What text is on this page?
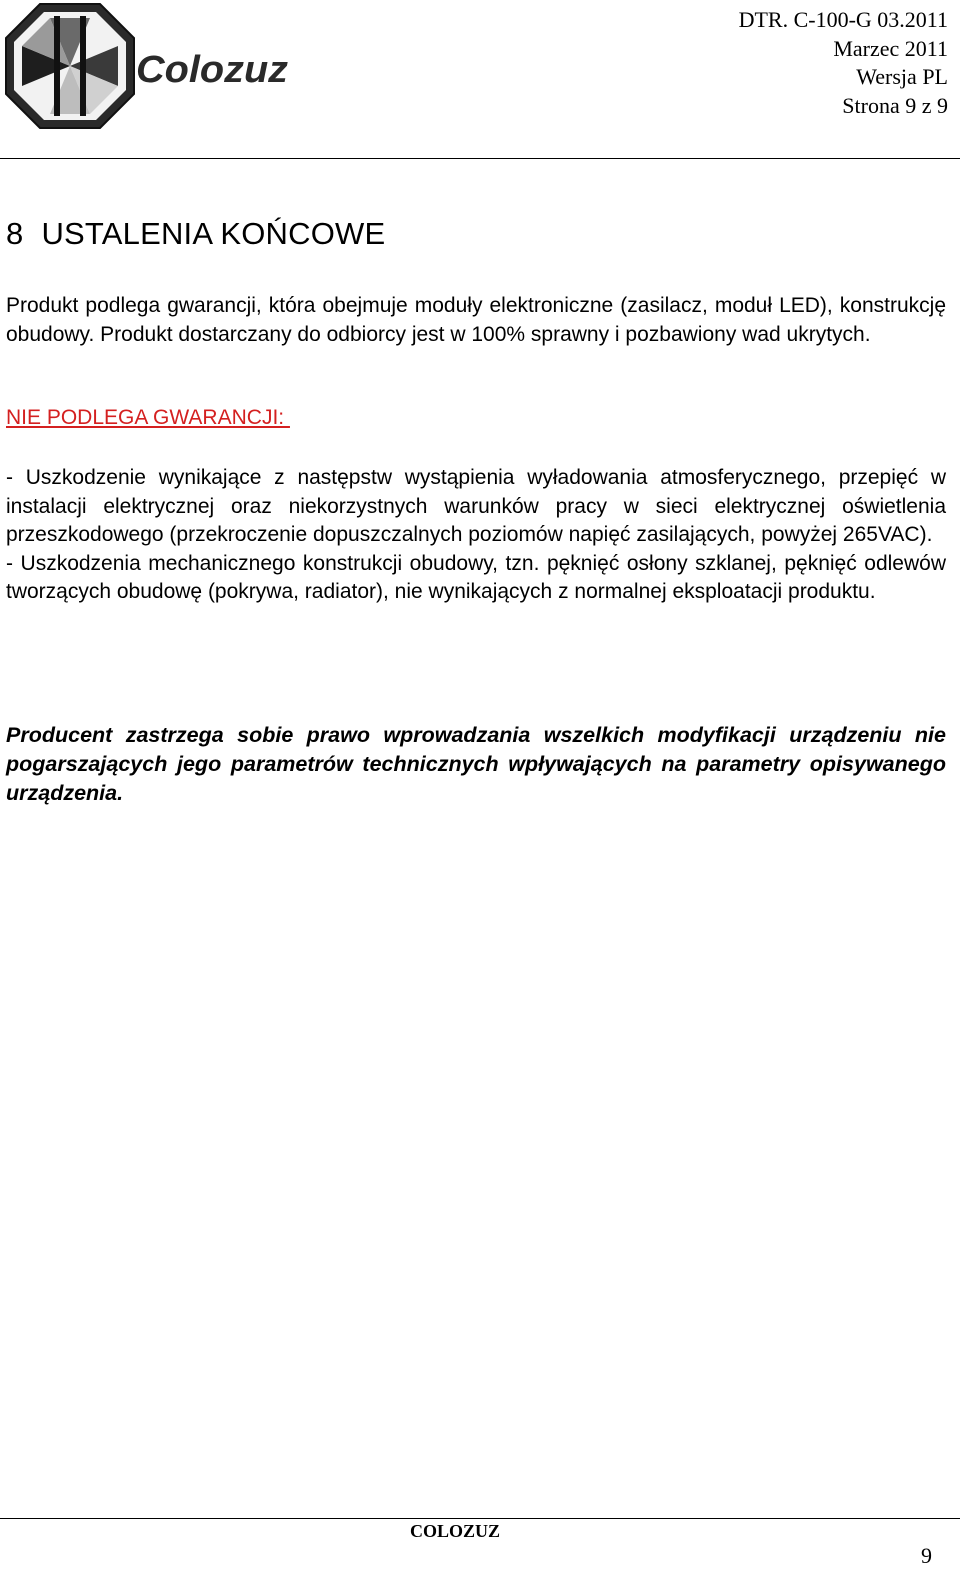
Colozuz
DTR. C-100-G 03.2011
Marzec 2011
Wersja PL
Strona 9 z 9
8 USTALENIA KOŃCOWE

Produkt podlega gwarancji, która obejmuje moduły elektroniczne (zasilacz, moduł LED), konstrukcję obudowy. Produkt dostarczany do odbiorcy jest w 100% sprawny i pozbawiony wad ukrytych.

NIE PODLEGA GWARANCJI:

- Uszkodzenie wynikające z następstw wystąpienia wyładowania atmosferycznego, przepięć w instalacji elektrycznej oraz niekorzystnych warunków pracy w sieci elektrycznej oświetlenia przeszkodowego (przekroczenie dopuszczalnych poziomów napięć zasilających, powyżej 265VAC).

- Uszkodzenia mechanicznego konstrukcji obudowy, tzn. pęknięć osłony szklanej, pęknięć odlewów tworzących obudowę (pokrywa, radiator), nie wynikających z normalnej eksploatacji produktu.

Producent zastrzega sobie prawo wprowadzania wszelkich modyfikacji urządzeniu nie pogarszających jego parametrów technicznych wpływających na parametry opisywanego urządzenia.

COLOZUZ
9
